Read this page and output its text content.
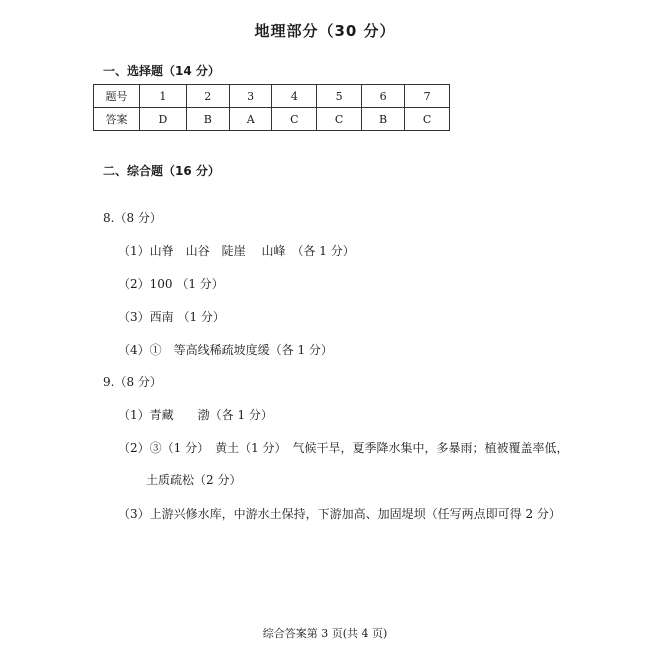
地理部分（30 分）
一、选择题（14 分）
题号	1	2	3	4	5	6	7
答案	D	B	A	C	C	B	C
二、综合题（16 分）
8.（8 分）
（1）山脊　山谷　陡崖　 山峰　（各 1 分）
（2）100 （1 分）
（3）西南 （1 分）
（4）①　等高线稀疏坡度缓（各 1 分）
9.（8 分）
（1）青藏　　渤（各 1 分）
（2）③（1 分）　黄土（1 分）　气候干旱，夏季降水集中，多暴雨；植被覆盖率低，
土质疏松（2 分）
（3）上游兴修水库，中游水土保持，下游加高、加固堤坝（任写两点即可得 2 分）
综合答案第 3 页(共 4 页)
